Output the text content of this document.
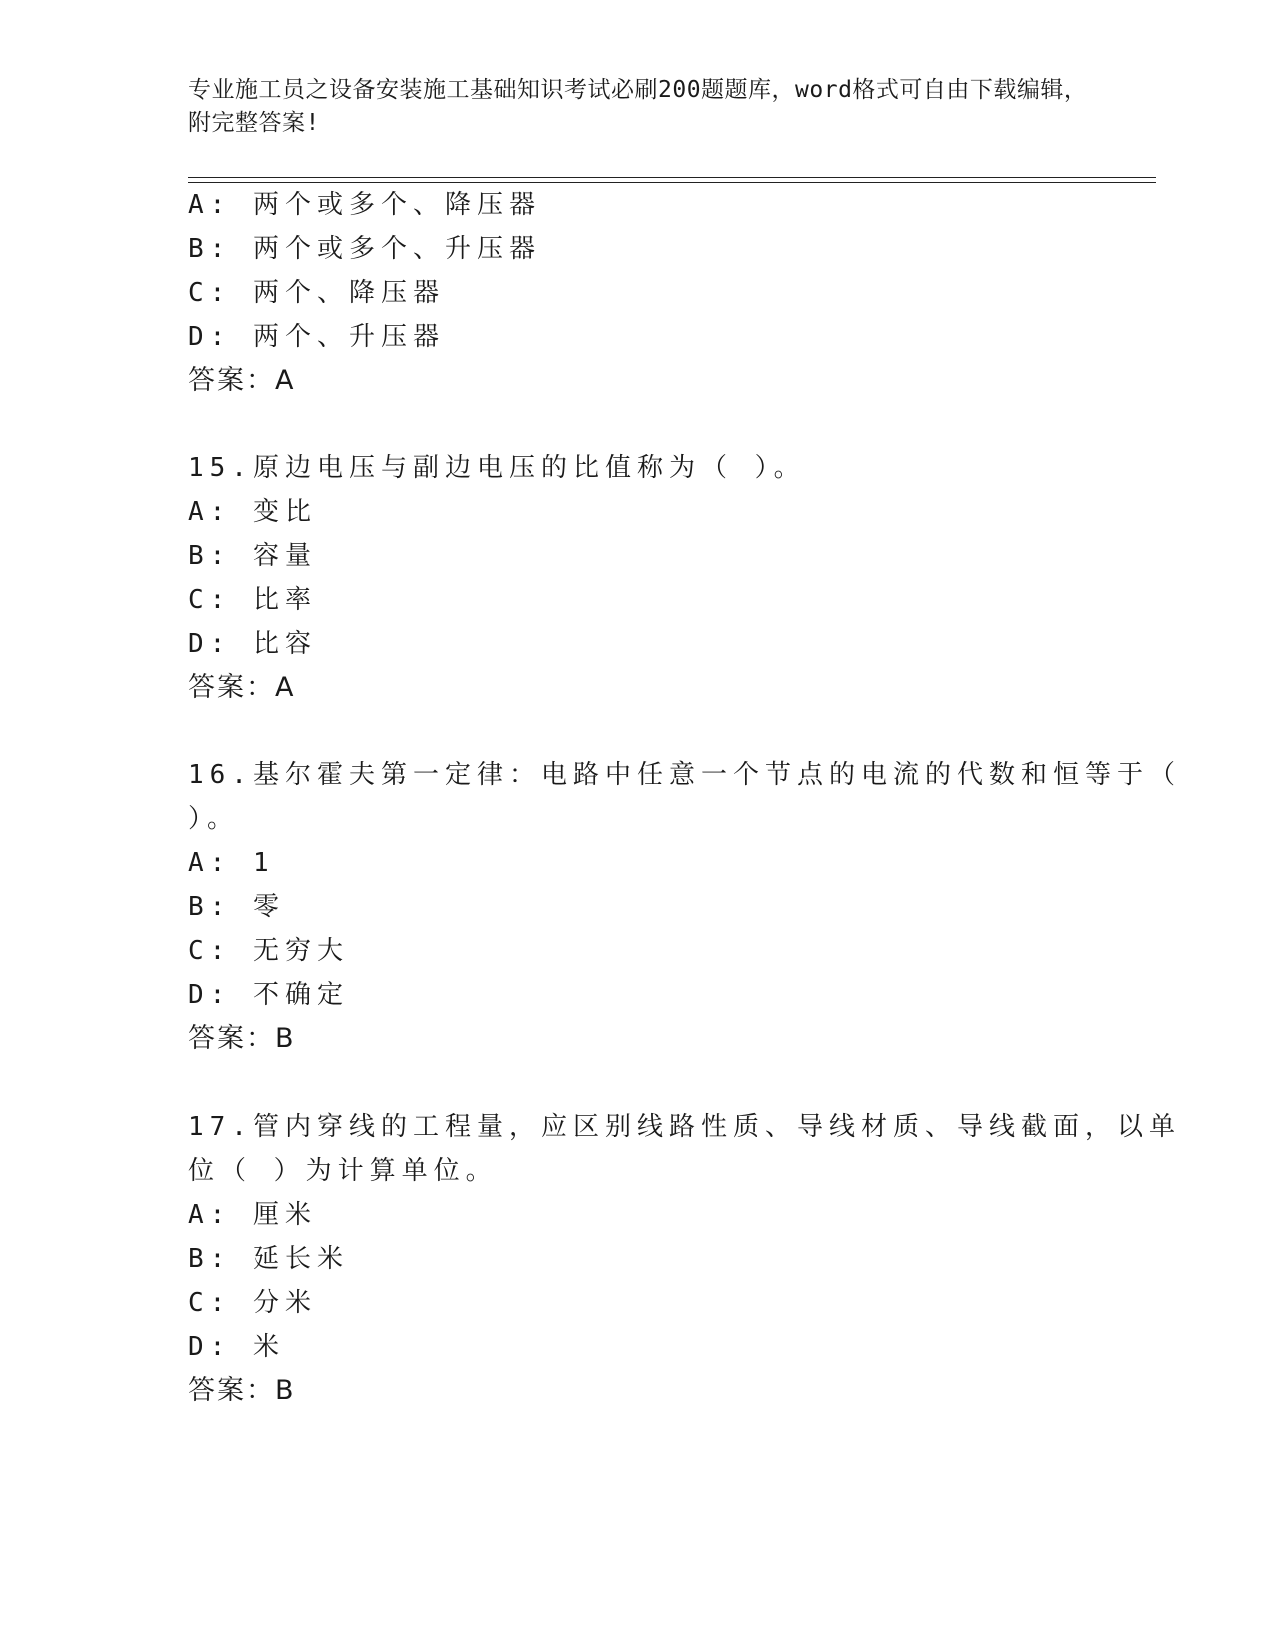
专业施工员之设备安装施工基础知识考试必刷200题题库，word格式可自由下载编辑，附完整答案!
A: 两个或多个、降压器
B: 两个或多个、升压器
C: 两个、降压器
D: 两个、升压器
答案：A
15.原边电压与副边电压的比值称为（ ）。
A: 变比
B: 容量
C: 比率
D: 比容
答案：A
16.基尔霍夫第一定律：电路中任意一个节点的电流的代数和恒等于（
）。
A: 1
B: 零
C: 无穷大
D: 不确定
答案：B
17.管内穿线的工程量，应区别线路性质、导线材质、导线截面，以单
位（ ）为计算单位。
A: 厘米
B: 延长米
C: 分米
D: 米
答案：B
